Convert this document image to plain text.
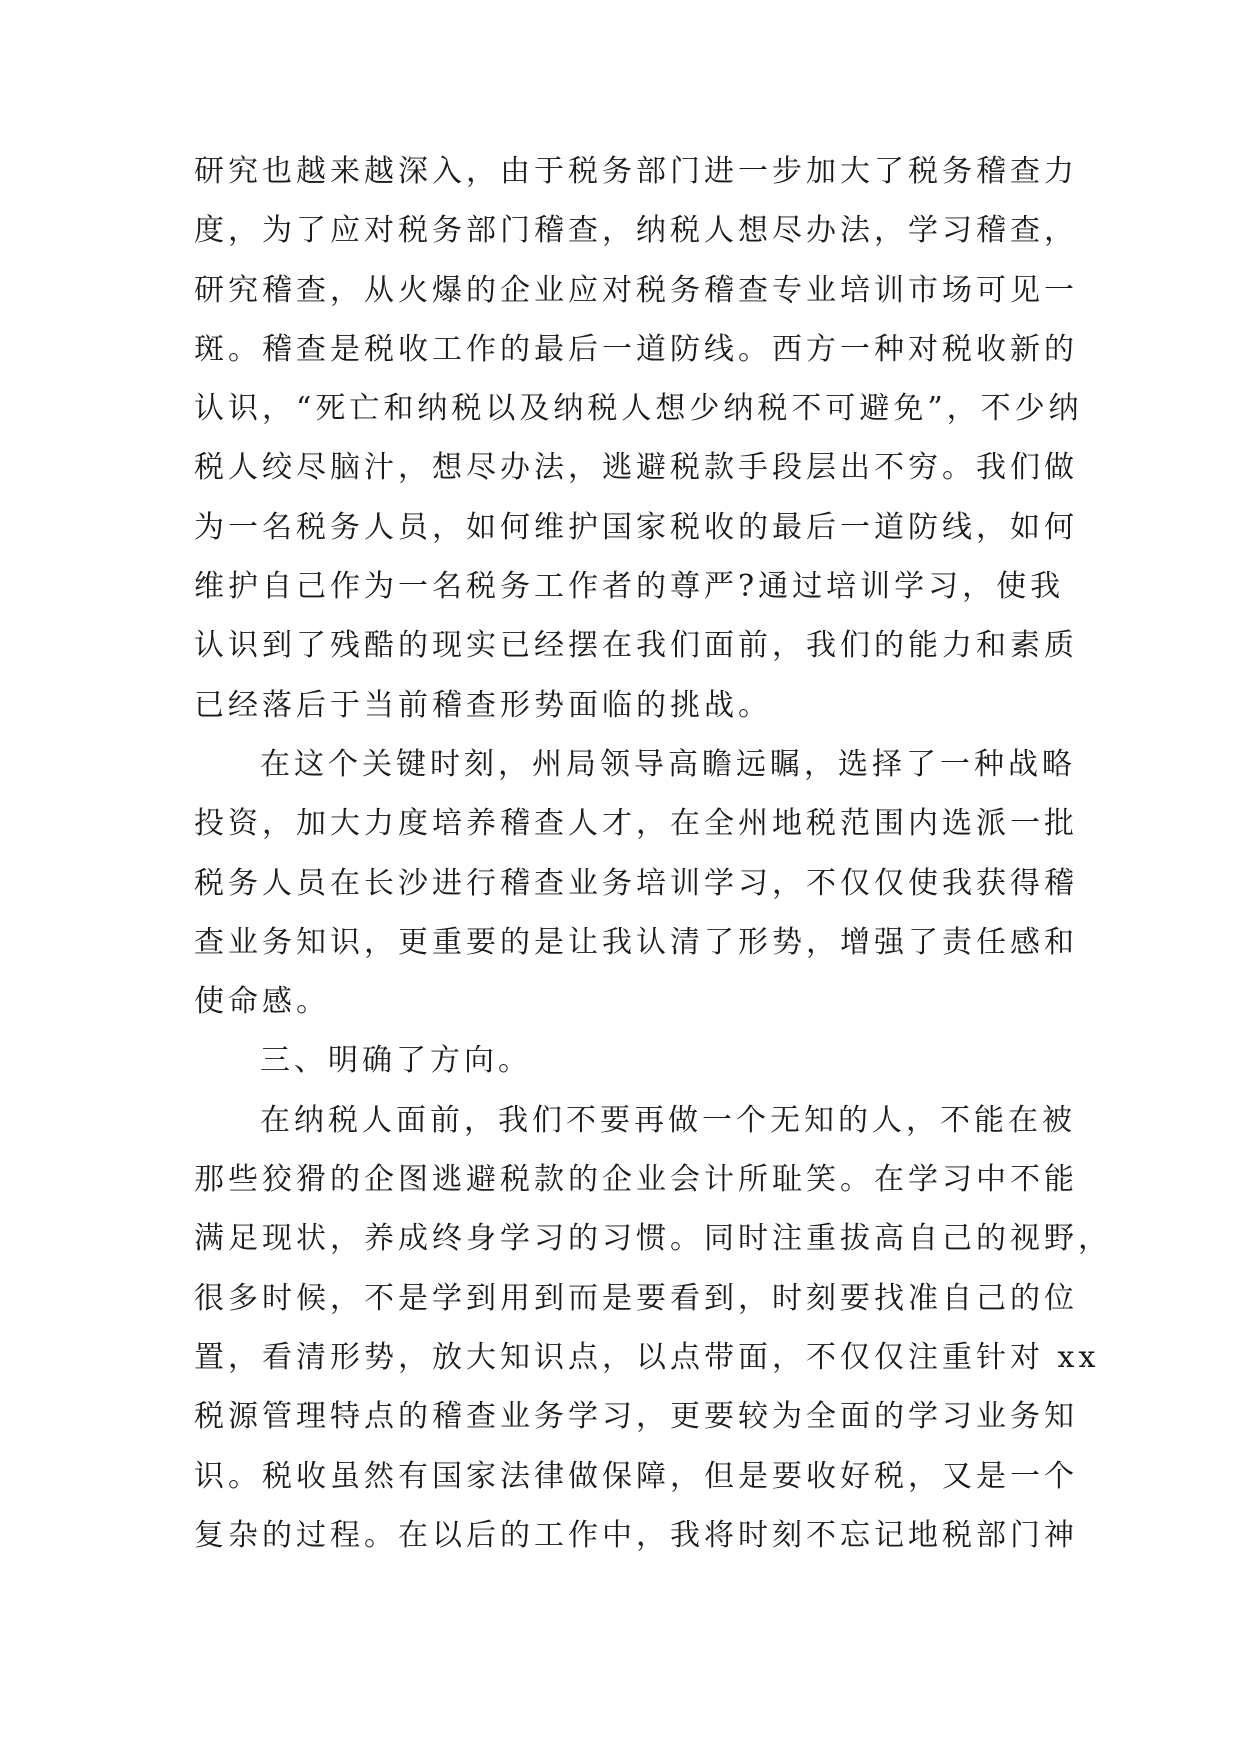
研究也越来越深入，由于税务部门进一步加大了税务稽查力
度，为了应对税务部门稽查，纳税人想尽办法，学习稽查，
研究稽查，从火爆的企业应对税务稽查专业培训市场可见一
斑。稽查是税收工作的最后一道防线。西方一种对税收新的
认识，“死亡和纳税以及纳税人想少纳税不可避免”，不少纳
税人绞尽脑汁，想尽办法，逃避税款手段层出不穷。我们做
为一名税务人员，如何维护国家税收的最后一道防线，如何
维护自己作为一名税务工作者的尊严?通过培训学习，使我
认识到了残酷的现实已经摆在我们面前，我们的能力和素质
已经落后于当前稽查形势面临的挑战。
在这个关键时刻，州局领导高瞻远瞩，选择了一种战略
投资，加大力度培养稽查人才，在全州地税范围内选派一批
税务人员在长沙进行稽查业务培训学习，不仅仅使我获得稽
查业务知识，更重要的是让我认清了形势，增强了责任感和
使命感。
三、明确了方向。
在纳税人面前，我们不要再做一个无知的人，不能在被
那些狡猾的企图逃避税款的企业会计所耻笑。在学习中不能
满足现状，养成终身学习的习惯。同时注重拔高自己的视野，
很多时候，不是学到用到而是要看到，时刻要找准自己的位
置，看清形势，放大知识点，以点带面，不仅仅注重针对 xx
税源管理特点的稽查业务学习，更要较为全面的学习业务知
识。税收虽然有国家法律做保障，但是要收好税，又是一个
复杂的过程。在以后的工作中，我将时刻不忘记地税部门神
